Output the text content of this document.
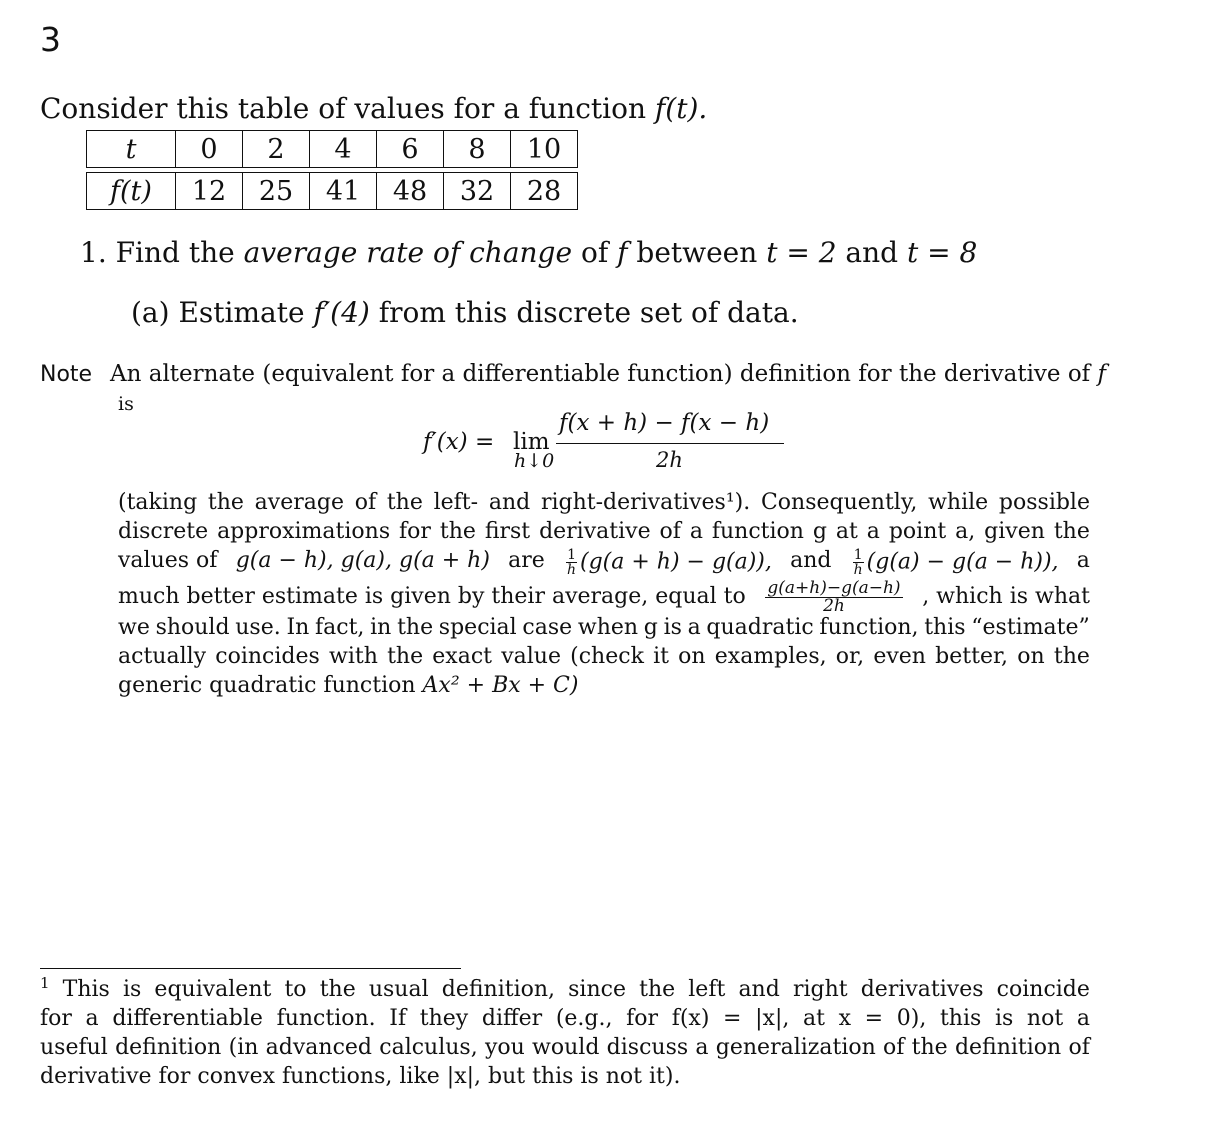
3
Consider this table of values for a function f(t).
t	0	2	4	6	8	10

f(t)	12	25	41	48	32	28
1. Find the average rate of change of f between t = 2 and t = 8
(a) Estimate f′(4) from this discrete set of data.
Note An alternate (equivalent for a differentiable function) definition for the derivative of f
is
f′(x) = lim
h↓0
f(x + h) − f(x − h)
2h
(taking the average of the left- and right-derivatives¹). Consequently, while possible
discrete approximations for the first derivative of a function g at a point a, given the
values of g(a − h), g(a), g(a + h) are $\frac{1}{h} (g(a + h) - g(a))$, and $\frac{1}{h} (g(a) - g(a - h))$, a
much better estimate is given by their average, equal to $\frac{g(a+h)-g(a-h)}{2h}$ , which is what
we should use. In fact, in the special case when g is a quadratic function, this “estimate”
actually coincides with the exact value (check it on examples, or, even better, on the
generic quadratic function
Ax² + Bx + C)
$^1$ This is equivalent to the usual definition, since the left and right derivatives coincide
for a differentiable function. If they differ (e.g., for f(x) = |x|, at x = 0), this is not a
useful definition (in advanced calculus, you would discuss a generalization of the definition of
derivative for convex functions, like |x|, but this is not it).
